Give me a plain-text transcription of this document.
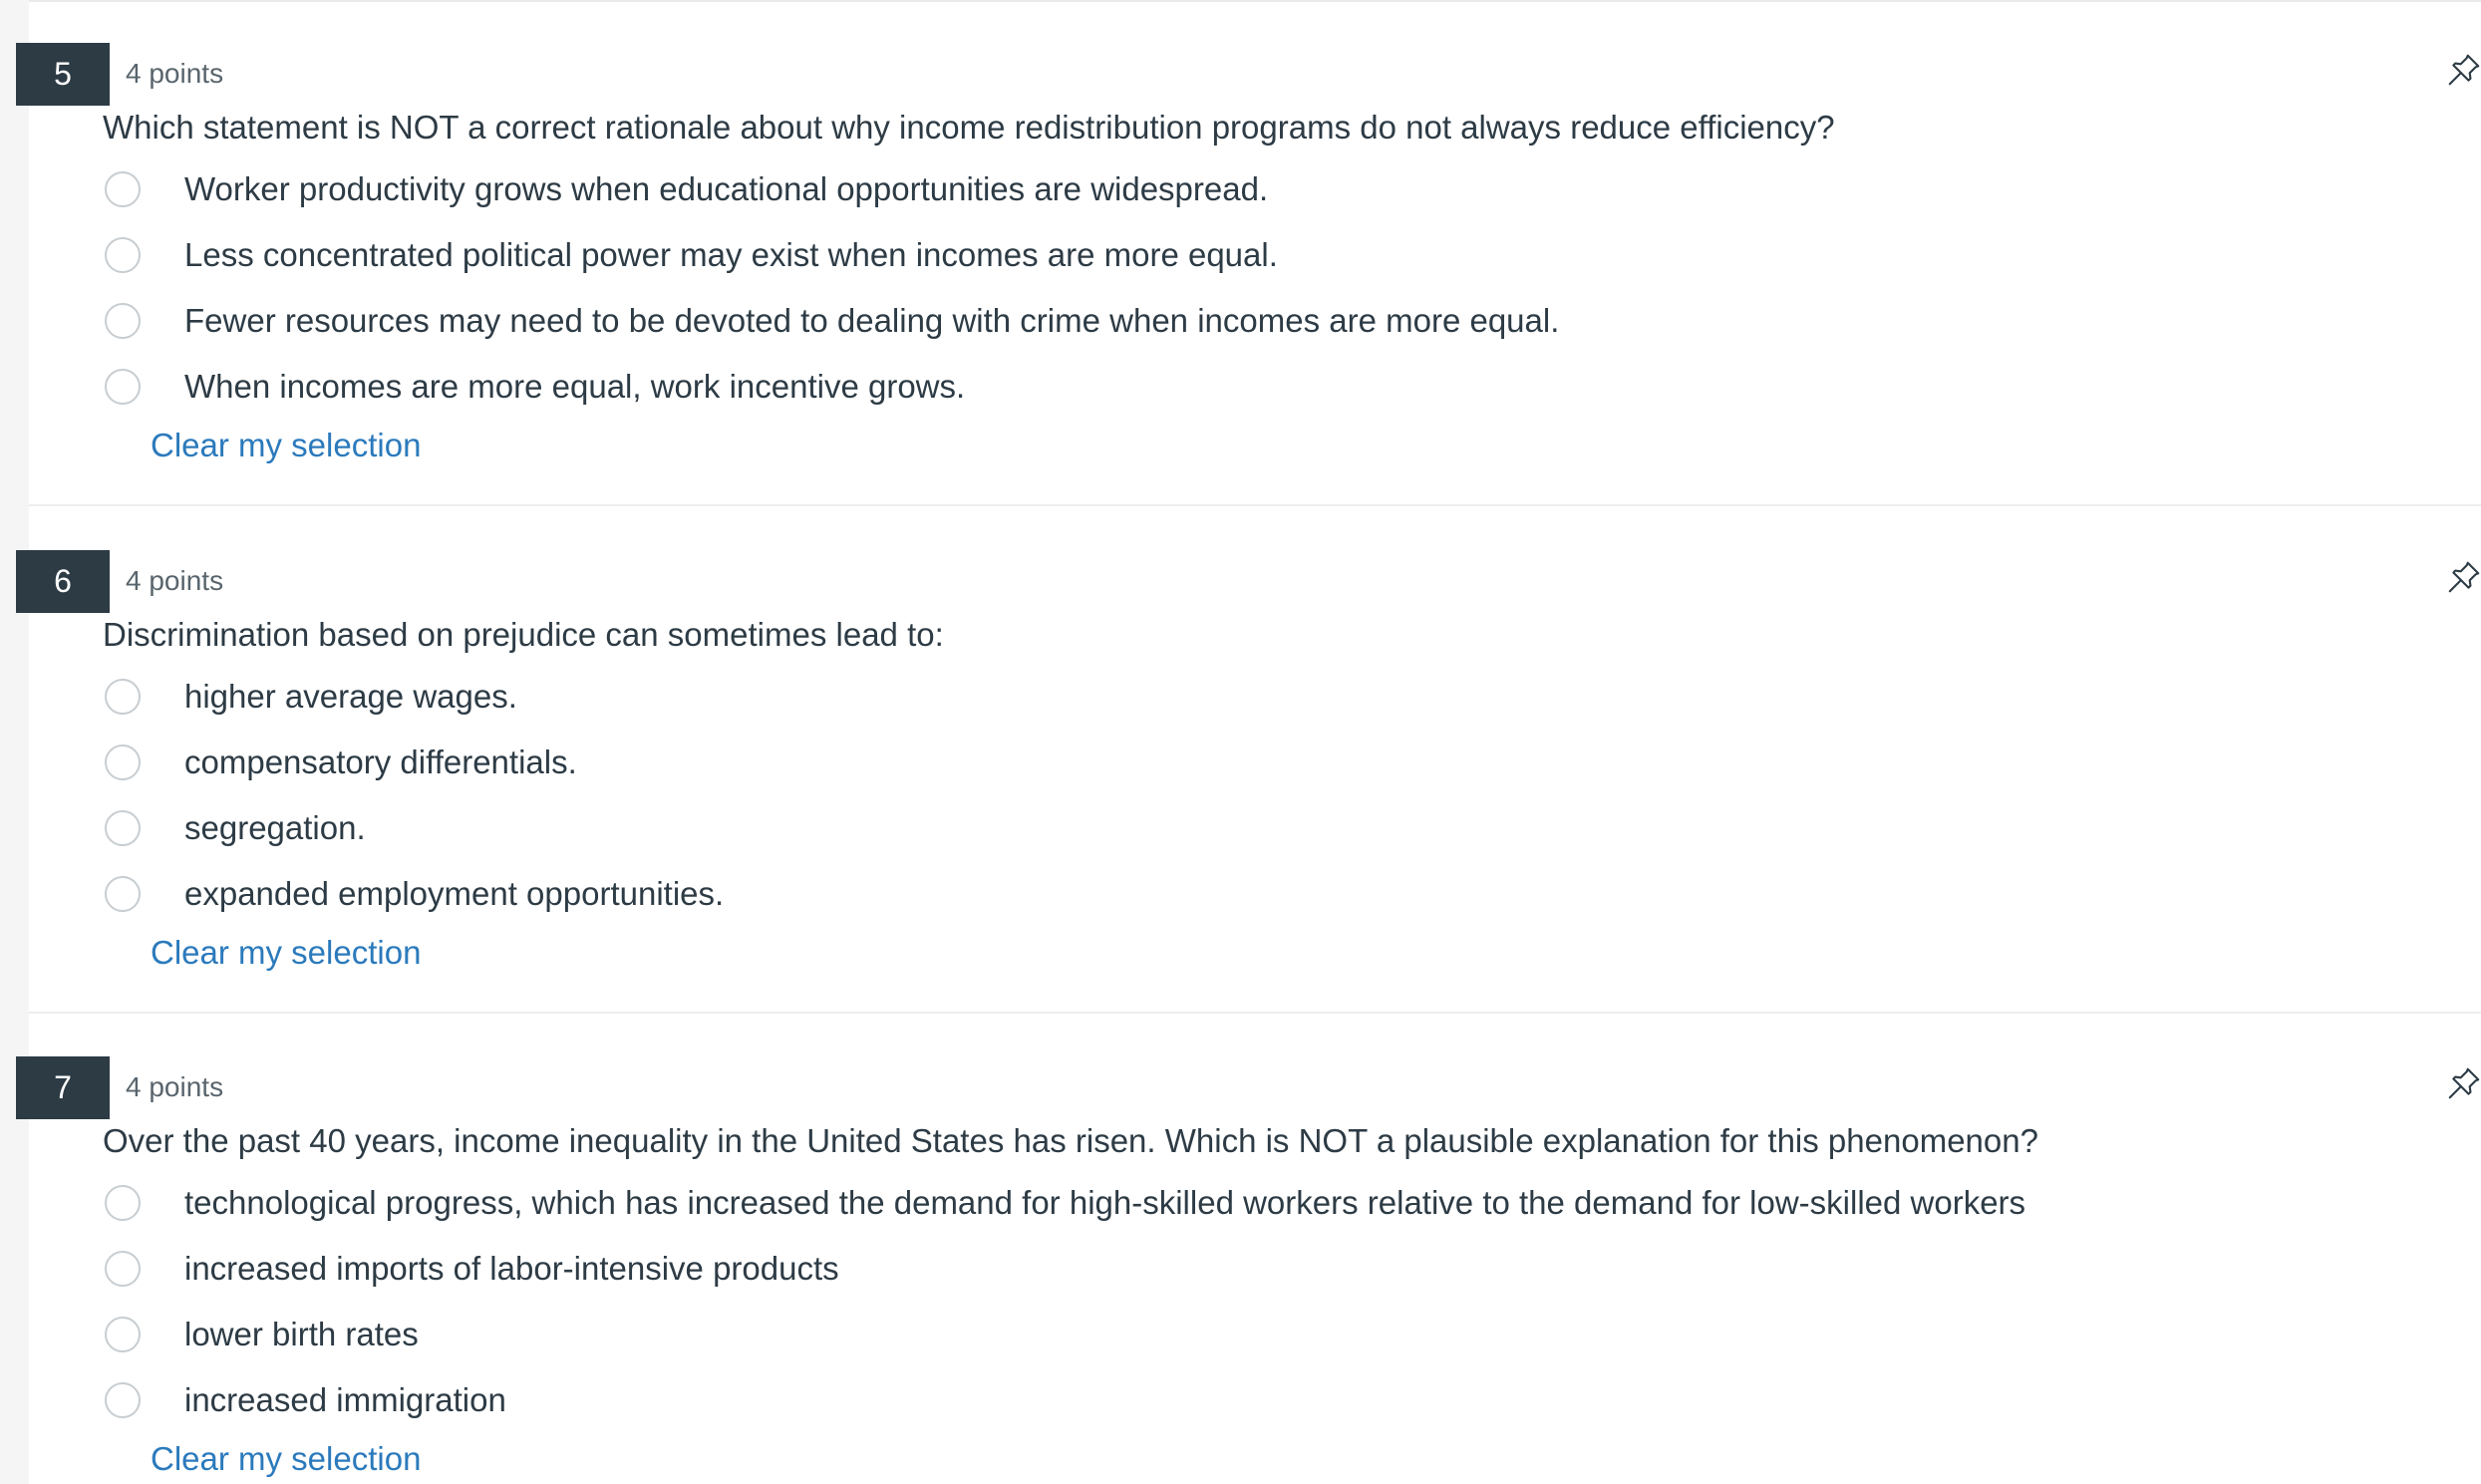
5	4 points
Which statement is NOT a correct rationale about why income redistribution programs do not always reduce efficiency?
Worker productivity grows when educational opportunities are widespread.
Less concentrated political power may exist when incomes are more equal.
Fewer resources may need to be devoted to dealing with crime when incomes are more equal.
When incomes are more equal, work incentive grows.
Clear my selection
6	4 points
Discrimination based on prejudice can sometimes lead to:
higher average wages.
compensatory differentials.
segregation.
expanded employment opportunities.
Clear my selection
7	4 points
Over the past 40 years, income inequality in the United States has risen. Which is NOT a plausible explanation for this phenomenon?
technological progress, which has increased the demand for high-skilled workers relative to the demand for low-skilled workers
increased imports of labor-intensive products
lower birth rates
increased immigration
Clear my selection
